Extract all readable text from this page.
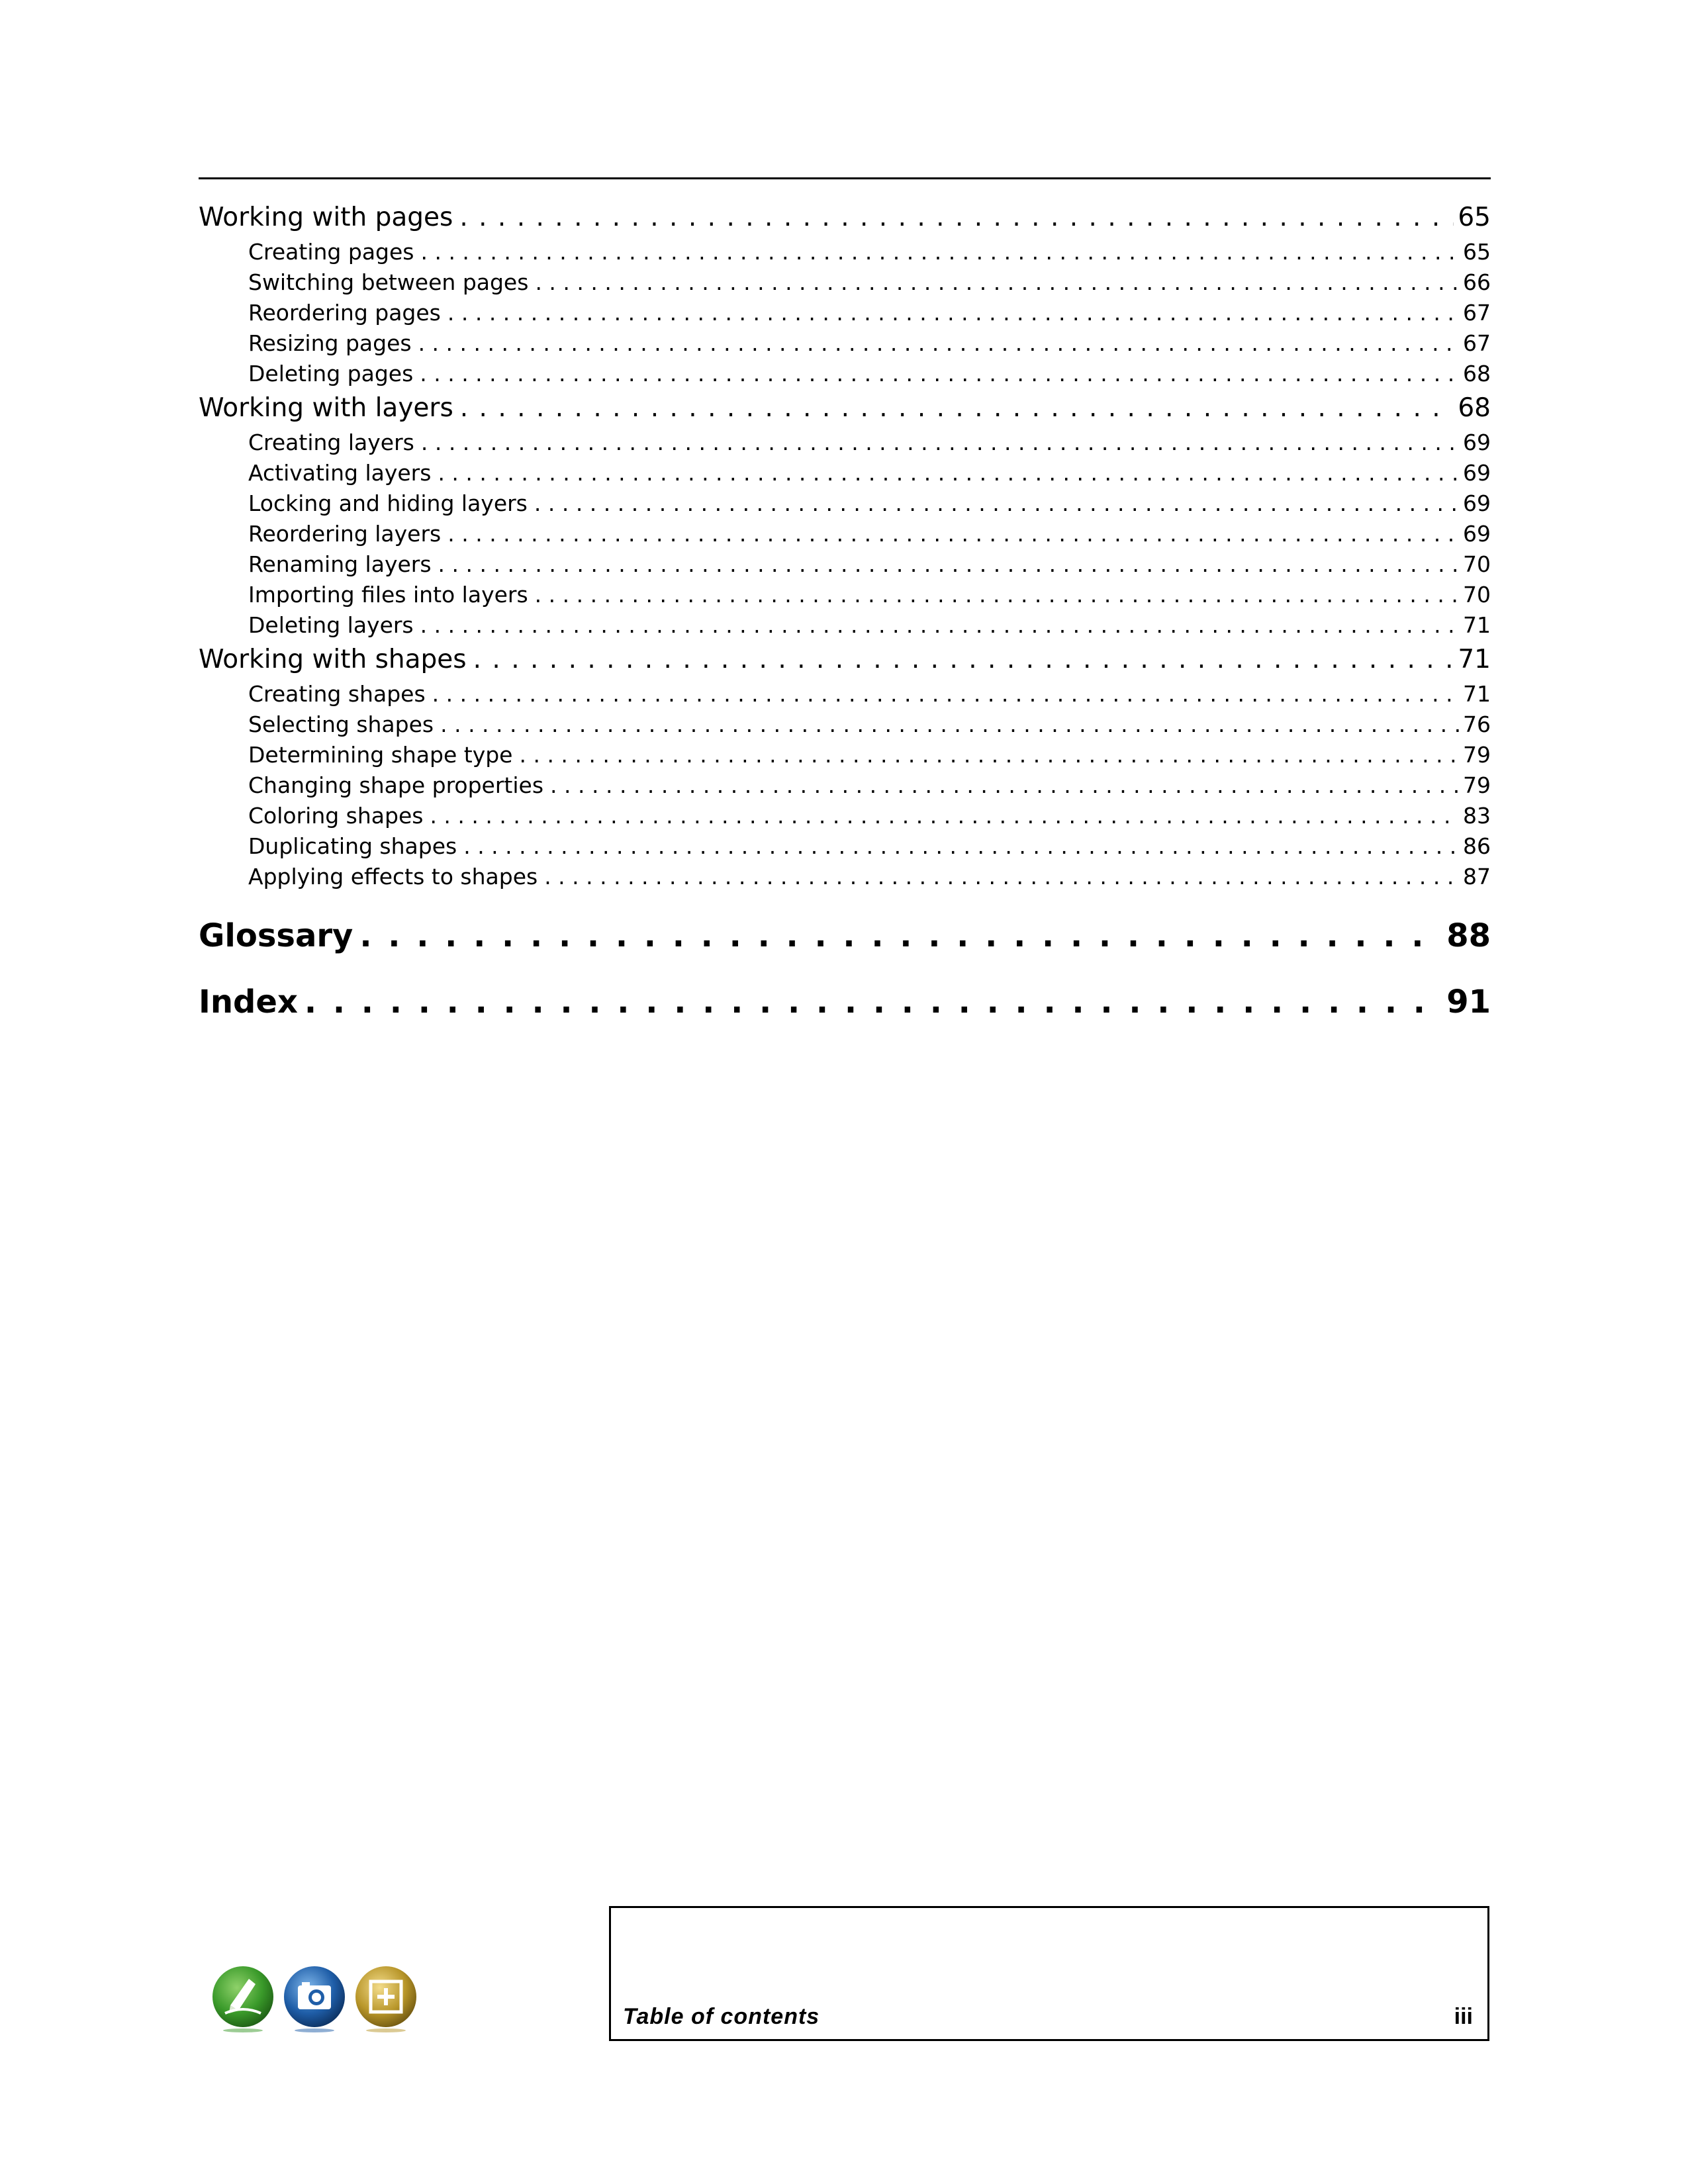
Working with pages . . .	65
Creating pages . . .	65
Switching between pages . . .	66
Reordering pages . . .	67
Resizing pages . . .	67
Deleting pages . . .	68
Working with layers . . .	68
Creating layers . . .	69
Activating layers . . .	69
Locking and hiding layers . . .	69
Reordering layers . . .	69
Renaming layers . . .	70
Importing files into layers . . .	70
Deleting layers . . .	71
Working with shapes . . .	71
Creating shapes . . .	71
Selecting shapes . . .	76
Determining shape type . . .	79
Changing shape properties . . .	79
Coloring shapes . . .	83
Duplicating shapes . . .	86
Applying effects to shapes . . .	87
Glossary . . .	88
Index . . .	91
Table of contents	iii
